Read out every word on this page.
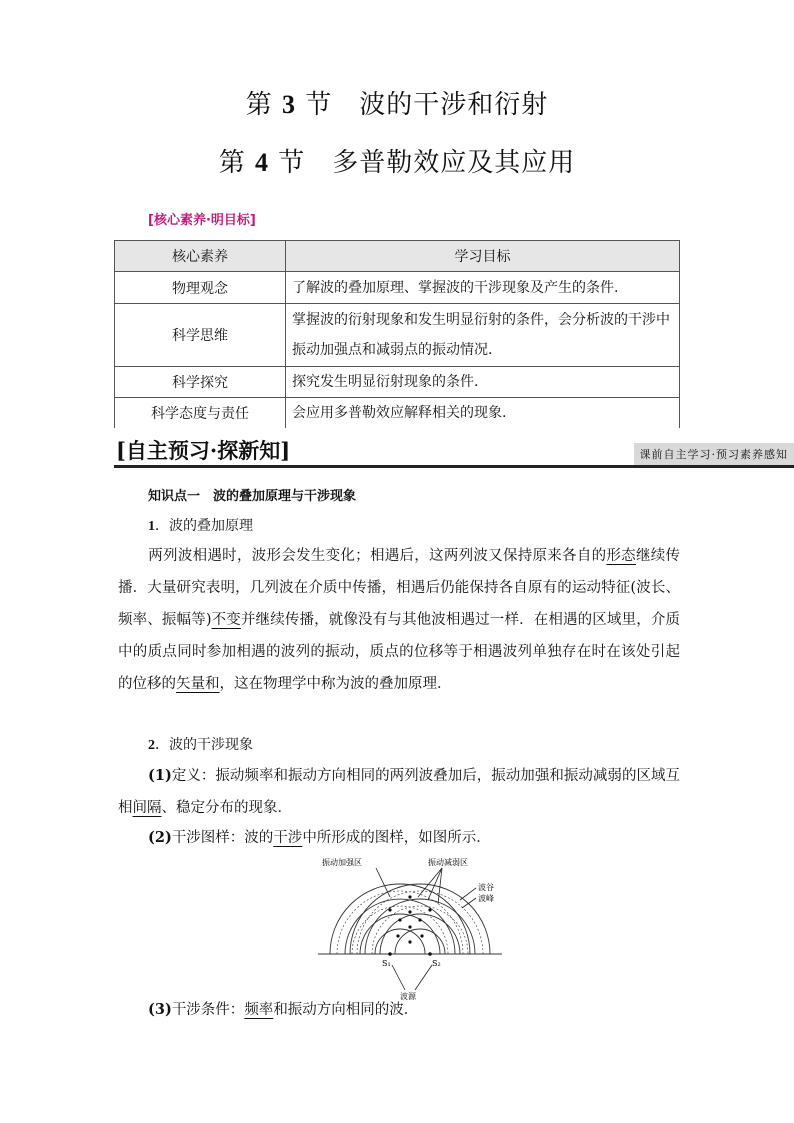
第 3 节　波的干涉和衍射
第 4 节　多普勒效应及其应用
[核心素养·明目标]
核心素养	学习目标
物理观念	了解波的叠加原理、掌握波的干涉现象及产生的条件.
科学思维	掌握波的衍射现象和发生明显衍射的条件，会分析波的干涉中振动加强点和减弱点的振动情况.
科学探究	探究发生明显衍射现象的条件.
科学态度与责任	会应用多普勒效应解释相关的现象.
[自主预习·探新知]	课前自主学习·预习素养感知
知识点一　波的叠加原理与干涉现象
1．波的叠加原理
两列波相遇时，波形会发生变化；相遇后，这两列波又保持原来各自的形态继续传播．大量研究表明，几列波在介质中传播，相遇后仍能保持各自原有的运动特征(波长、频率、振幅等)不变并继续传播，就像没有与其他波相遇过一样．在相遇的区域里，介质中的质点同时参加相遇的波列的振动，质点的位移等于相遇波列单独存在时在该处引起的位移的矢量和，这在物理学中称为波的叠加原理．
2．波的干涉现象
(1)定义：振动频率和振动方向相同的两列波叠加后，振动加强和振动减弱的区域互相间隔、稳定分布的现象．
(2)干涉图样：波的干涉中所形成的图样，如图所示．
振动加强区	振动减弱区
波谷
波峰
S₁	S₂
波源
(3)干涉条件：频率和振动方向相同的波．
